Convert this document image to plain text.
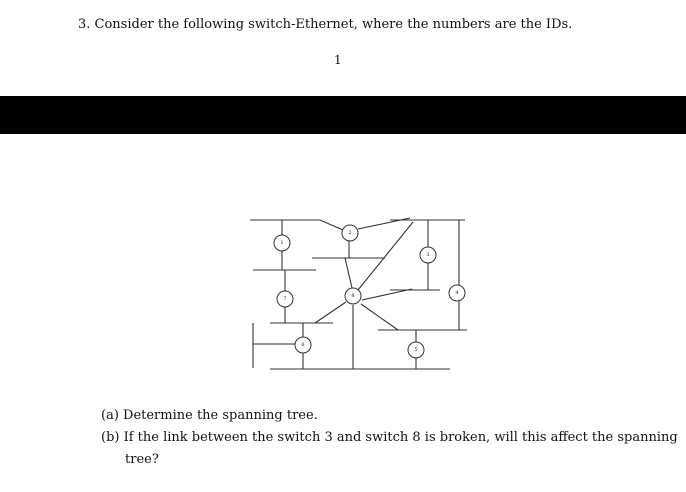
3. Consider the following switch-Ethernet, where the numbers are the IDs.
1
1
2
3
4
5
6
7	8
(a) Determine the spanning tree.
(b) If the link between the switch 3 and switch 8 is broken, will this affect the spanning
tree?
